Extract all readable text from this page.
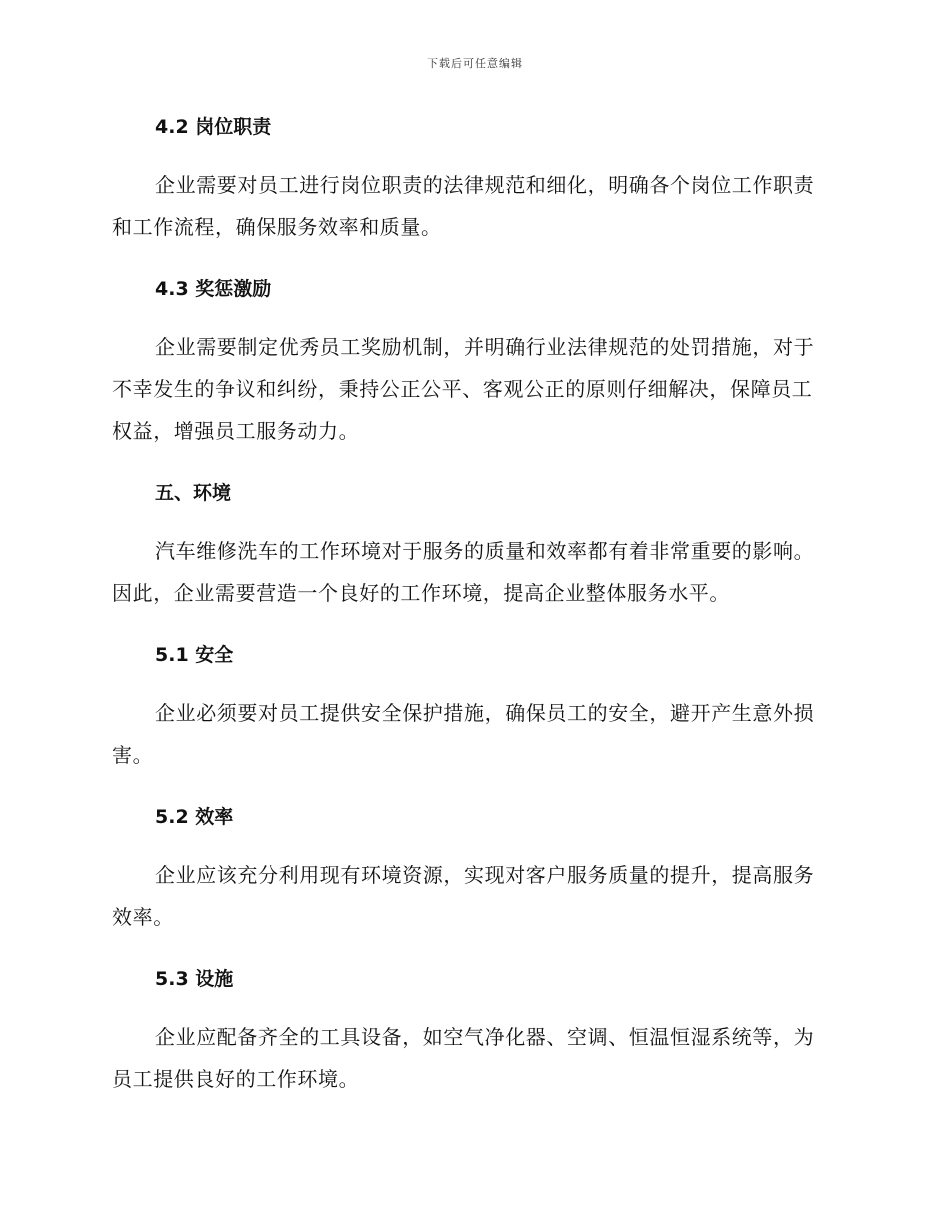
下载后可任意编辑
4.2 岗位职责

企业需要对员工进行岗位职责的法律规范和细化，明确各个岗位工作职责和工作流程，确保服务效率和质量。

4.3 奖惩激励

企业需要制定优秀员工奖励机制，并明确行业法律规范的处罚措施，对于不幸发生的争议和纠纷，秉持公正公平、客观公正的原则仔细解决，保障员工权益，增强员工服务动力。

五、环境

汽车维修洗车的工作环境对于服务的质量和效率都有着非常重要的影响。因此，企业需要营造一个良好的工作环境，提高企业整体服务水平。

5.1 安全

企业必须要对员工提供安全保护措施，确保员工的安全，避开产生意外损害。

5.2 效率

企业应该充分利用现有环境资源，实现对客户服务质量的提升，提高服务效率。

5.3 设施

企业应配备齐全的工具设备，如空气净化器、空调、恒温恒湿系统等，为员工提供良好的工作环境。
